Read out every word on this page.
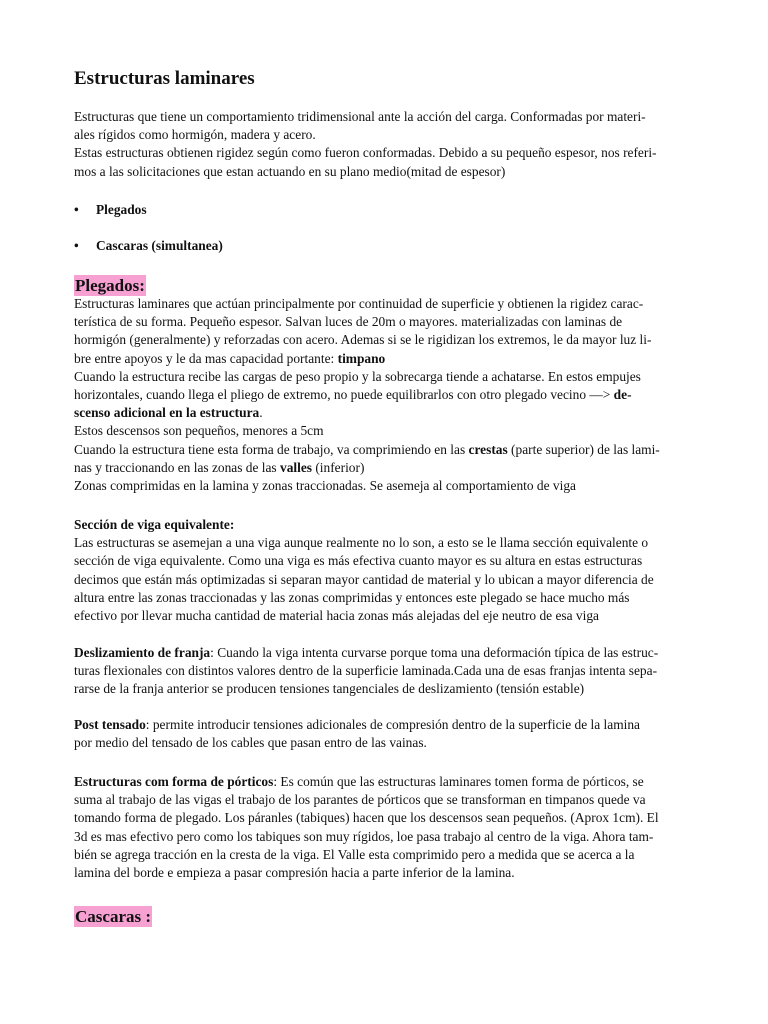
Estructuras laminares
Estructuras que tiene un comportamiento tridimensional ante la acción del carga. Conformadas por materi-
ales rígidos como hormigón, madera y acero.
Estas estructuras obtienen rigidez según como fueron conformadas. Debido a su pequeño espesor, nos referi-
mos a las solicitaciones que estan actuando en su plano medio(mitad de espesor)
• Plegados
• Cascaras (simultanea)
Plegados:
Estructuras laminares que actúan principalmente por continuidad de superficie y obtienen la rigidez carac-
terística de su forma. Pequeño espesor. Salvan luces de 20m o mayores. materializadas con laminas de
hormigón (generalmente) y reforzadas con acero. Ademas si se le rigidizan los extremos, le da mayor luz li-
bre entre apoyos y le da mas capacidad portante: timpano
Cuando la estructura recibe las cargas de peso propio y la sobrecarga tiende a achatarse. En estos empujes
horizontales, cuando llega el pliego de extremo, no puede equilibrarlos con otro plegado vecino —> de-
scenso adicional en la estructura.
Estos descensos son pequeños, menores a 5cm
Cuando la estructura tiene esta forma de trabajo, va comprimiendo en las crestas (parte superior) de las lami-
nas y traccionando en las zonas de las valles (inferior)
Zonas comprimidas en la lamina y zonas traccionadas. Se asemeja al comportamiento de viga
Sección de viga equivalente:
Las estructuras se asemejan a una viga aunque realmente no lo son, a esto se le llama sección equivalente o
sección de viga equivalente. Como una viga es más efectiva cuanto mayor es su altura en estas estructuras
decimos que están más optimizadas si separan mayor cantidad de material y lo ubican a mayor diferencia de
altura entre las zonas traccionadas y las zonas comprimidas y entonces este plegado se hace mucho más
efectivo por llevar mucha cantidad de material hacia zonas más alejadas del eje neutro de esa viga
Deslizamiento de franja: Cuando la viga intenta curvarse porque toma una deformación típica de las estruc-
turas flexionales con distintos valores dentro de la superficie laminada.Cada una de esas franjas intenta sepa-
rarse de la franja anterior se producen tensiones tangenciales de deslizamiento (tensión estable)
Post tensado: permite introducir tensiones adicionales de compresión dentro de la superficie de la lamina
por medio del tensado de los cables que pasan entro de las vainas.
Estructuras com forma de pórticos: Es común que las estructuras laminares tomen forma de pórticos, se
suma al trabajo de las vigas el trabajo de los parantes de pórticos que se transforman en timpanos quede va
tomando forma de plegado. Los páranles (tabiques) hacen que los descensos sean pequeños. (Aprox 1cm). El
3d es mas efectivo pero como los tabiques son muy rígidos, loe pasa trabajo al centro de la viga. Ahora tam-
bién se agrega tracción en la cresta de la viga. El Valle esta comprimido pero a medida que se acerca a la
lamina del borde e empieza a pasar compresión hacia a parte inferior de la lamina.
Cascaras :
